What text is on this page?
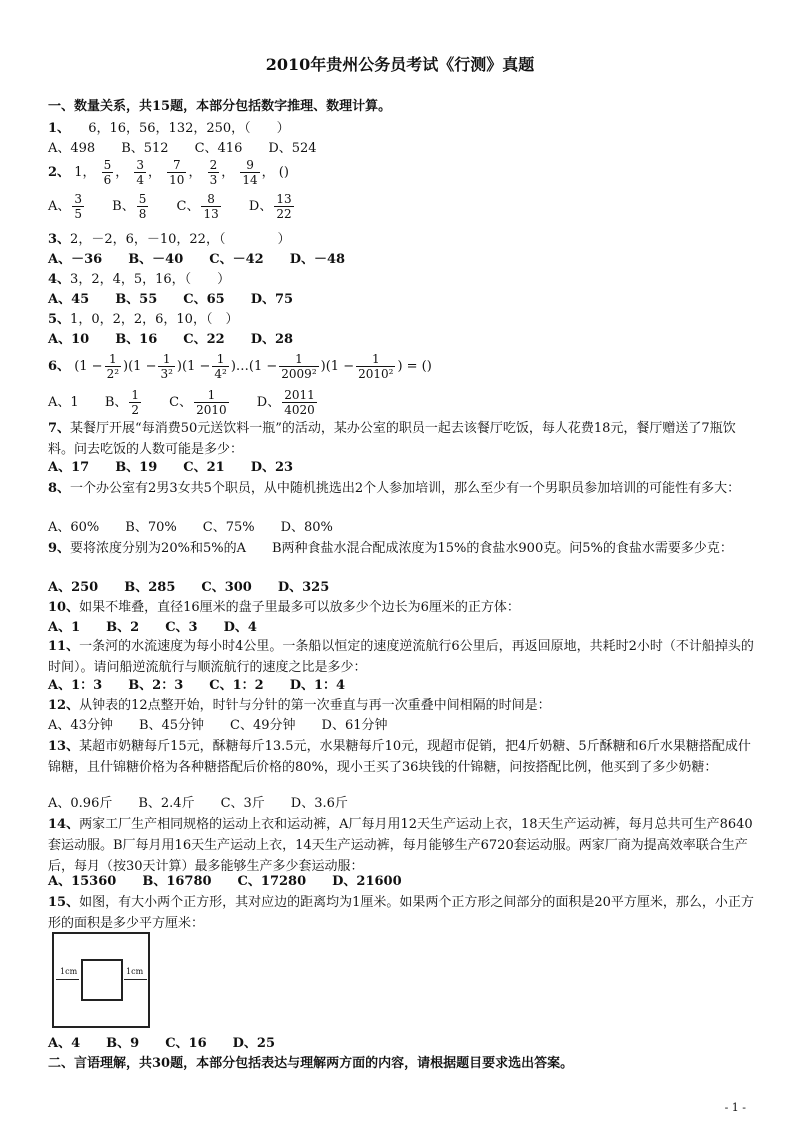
2010年贵州公务员考试《行测》真题
一、数量关系，共15题，本部分包括数字推理、数理计算。
1、 6，16，56，132，250，（　　）
A、498 B、512 C、416 D、524
2、 1， $\frac{5}{6}$ ， $\frac{3}{4}$ ， $\frac{7}{10}$ ， $\frac{2}{3}$ ， $\frac{9}{14}$ ， ()
A、 $\frac{3}{5}$ B、 $\frac{5}{8}$ C、 $\frac{8}{13}$ D、 $\frac{13}{22}$
3、2，－2，6，－10，22，（　　　　）
A、－36 B、－40 C、－42 D、－48
4、3，2，4，5，16，（　　）
A、45 B、55 C、65 D、75
5、1，0，2，2，6，10，（　）
A、10 B、16 C、22 D、28
6、 $(1 - \frac{1}{\text{2²}} )(1 - \frac{1}{\text{3²}} )(1 - \frac{1}{\text{4²}}$ )…(1 − $\frac{1}{\text{2009²}} )(1 - \frac{1}{\text{2010²}}$ ) = ()
A、1 B、 $\frac{1}{2}$ C、 $\frac{1}{2010}$ D、 $\frac{2011}{4020}$
7、某餐厅开展“每消费50元送饮料一瓶”的活动，某办公室的职员一起去该餐厅吃饭，每人花费18元，餐厅赠送了7瓶饮料。问去吃饭的人数可能是多少：
A、17 B、19 C、21 D、23
8、一个办公室有2男3女共5个职员，从中随机挑选出2个人参加培训，那么至少有一个男职员参加培训的可能性有多大：
A、60% B、70% C、75% D、80%
9、要将浓度分别为20%和5%的A　　B两种食盐水混合配成浓度为15%的食盐水900克。问5%的食盐水需要多少克：
A、250 B、285 C、300 D、325
10、如果不堆叠，直径16厘米的盘子里最多可以放多少个边长为6厘米的正方体：
A、1 B、2 C、3 D、4
11、一条河的水流速度为每小时4公里。一条船以恒定的速度逆流航行6公里后，再返回原地，共耗时2小时（不计船掉头的时间）。请问船逆流航行与顺流航行的速度之比是多少：
A、1：3 B、2：3 C、1：2 D、1：4
12、从钟表的12点整开始，时针与分针的第一次垂直与再一次重叠中间相隔的时间是：
A、43分钟 B、45分钟 C、49分钟 D、61分钟
13、某超市奶糖每斤15元，酥糖每斤13.5元，水果糖每斤10元，现超市促销，把4斤奶糖、5斤酥糖和6斤水果糖搭配成什锦糖，且什锦糖价格为各种糖搭配后价格的80%，现小王买了36块钱的什锦糖，问按搭配比例，他买到了多少奶糖：
A、0.96斤 B、2.4斤 C、3斤 D、3.6斤
14、两家工厂生产相同规格的运动上衣和运动裤，A厂每月用12天生产运动上衣，18天生产运动裤，每月总共可生产8640套运动服。B厂每月用16天生产运动上衣，14天生产运动裤，每月能够生产6720套运动服。两家厂商为提高效率联合生产后，每月（按30天计算）最多能够生产多少套运动服：
A、15360 B、16780 C、17280 D、21600
15、如图，有大小两个正方形，其对应边的距离均为1厘米。如果两个正方形之间部分的面积是20平方厘米，那么，小正方形的面积是多少平方厘米：
1cm	1cm
A、4 B、9 C、16 D、25
二、言语理解，共30题，本部分包括表达与理解两方面的内容，请根据题目要求选出答案。
- 1 -
